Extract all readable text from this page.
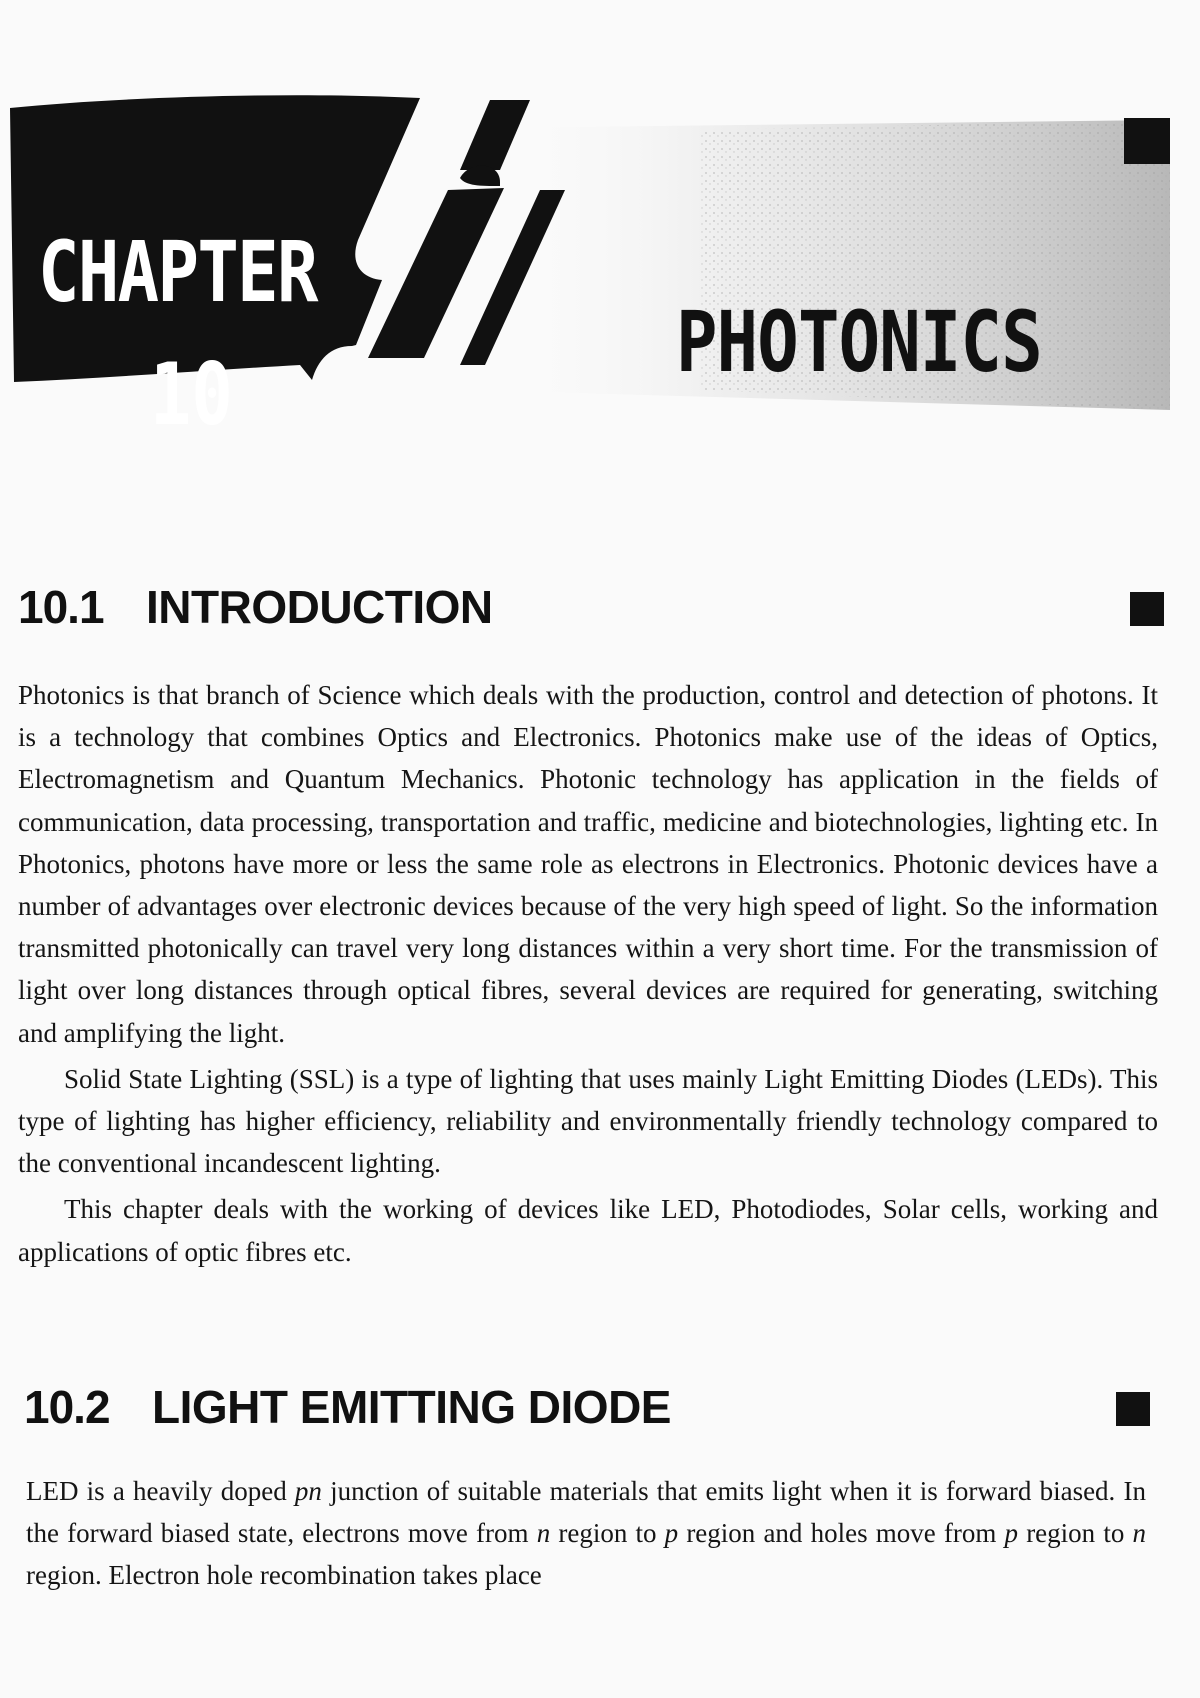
CHAPTER
10
PHOTONICS
10.1 INTRODUCTION

Photonics is that branch of Science which deals with the production, control and detection of photons. It is a technology that combines Optics and Electronics. Photonics make use of the ideas of Optics, Electromagnetism and Quantum Mechanics. Photonic technology has application in the fields of communication, data processing, transportation and traffic, medicine and biotechnologies, lighting etc. In Photonics, photons have more or less the same role as electrons in Electronics. Photonic devices have a number of advantages over electronic devices because of the very high speed of light. So the information transmitted photonically can travel very long distances within a very short time. For the transmission of light over long distances through optical fibres, several devices are required for generating, switching and amplifying the light.

Solid State Lighting (SSL) is a type of lighting that uses mainly Light Emitting Diodes (LEDs). This type of lighting has higher efficiency, reliability and environmentally friendly technology compared to the conventional incandescent lighting.

This chapter deals with the working of devices like LED, Photodiodes, Solar cells, working and applications of optic fibres etc.

10.2 LIGHT EMITTING DIODE

LED is a heavily doped pn junction of suitable materials that emits light when it is forward biased. In the forward biased state, electrons move from n region to p region and holes move from p region to n region. Electron hole recombination takes place
